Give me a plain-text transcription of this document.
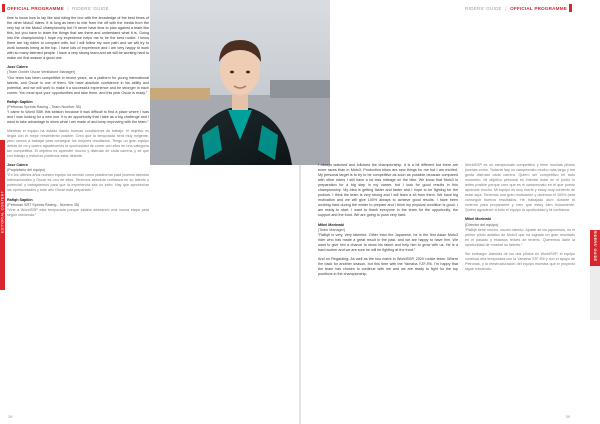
OFFICIAL PROGRAMME | RIDERS' GUIDE
EDITORIAL CONTENT

time to know how to lay like and riding the box with the knowledge of the best times of the other Moto2 riders. It is long as been to ride from the off with the media from the very top of the Moto2 championship but I’ll never have time to plan against a team like this, but you have to learn the things that are there and understand what it is. Going into the championship I hope my experience helps me to be the best rookie. I know there are big riders to compare with, but I will follow my own path and we will try to work towards being at the top. I have lots of experience and I am very happy to work with so many talented people. I have a very strong team and we will be working hard to make our first season a good one.

Jose Calero

(Team Owner Oscar Ventilatore Manager)

“Our team has been competitive in recent years, as a platform for young international talents, and Oscar is one of them. We have absolute confidence in his ability and potential, and we will work to make it a successful experience and be stronger in each corner. You must spot your opportunities and take them, and this year Oscar is ready.”

Rafiqh Sapikin

(Petronas Sprinta Racing - Team Number 35)

“I came to World SBK this season because it was difficult to find a place where I was and I was looking for a new one. It is an opportunity that I take as a big challenge and I want to take advantage to show what I am made of and keep improving with the team.”

Mientras el equipo ha estado dando buenas condiciones de trabajo, el objetivo es llegar con el mejor rendimiento posible. Creo que la temporada será muy exigente, pero vamos a trabajar para conseguir los mejores resultados. Tengo un gran equipo detrás de mí y quiero agradecerles la oportunidad de correr con ellos en una categoría tan competitiva. El objetivo es aprender mucho y disfrutar de cada carrera, y sé que con trabajo y esfuerzo podemos estar delante.

Jose Calero

(Propietario del equipo)

“En los últimos años nuestro equipo ha servido como plataforma para jóvenes talentos internacionales y Oscar es uno de ellos. Tenemos absoluta confianza en su talento y potencial, y trabajaremos para que la experiencia sea un éxito. Hay que aprovechar las oportunidades y este año Oscar está preparado.”

Rafiqh Sapikin

(Petronas SRT Sprinta Racing - Número 35)

“Vine a WorldSSP esta temporada porque estaba deseando una nueva etapa para seguir creciendo.”

38
RIDERS' GUIDE | OFFICIAL PROGRAMME
RIDERS' GUIDE
39

I always watched and followed the championship. It is a bit different but there are more races than in Moto3. Production bikes are new things for me but I am excited. My personal target is to try to be competitive as soon as possible because compared with other riders I still have a lot less mileage on the bike. We know that Moto3 is preparation for a big step in my career, but I look for good results in this championship. My idea is getting faster and faster and I hope to be fighting for the podium. I think the team is very strong and I will learn a lot from them. We have big motivation and we will give 100% always to achieve good results. I have been working hard during the winter to prepare and I think my physical condition is good. I am ready to start. I want to thank everyone in the team for the opportunity, the support and the trust. We are going to push very hard.

Mikel Morlewki

(Team Manager)

“Rafiqh is very, very talented. Other than the Japanese, he is the first Asian Moto3 rider who has made a great result in the past, and we are happy to have him. We want to give him a chance to show his talent and help him to grow with us. He is a hard worker and we are sure he will be fighting at the front.”

And on Regarding: As well as the two riders in WorldSSP, 2020 rookie team. Where the back for another season, but this time with the Yamaha YZF-R6. I’m happy that the team has chosen to continue with me and we are ready to fight for the top positions in the championship.

WorldSSP es un campeonato competitivo y tiene muchas pilotos jóvenes como. Todavía hay un campeonato mucho más largo y me gusta disfrutar cada carrera. Quiero ser competitivo en todo momento. Mi objetivo personal es intentar estar en el podio lo antes posible porque creo que es el campeonato en el que puedo aprender mucho. Mi equipo es muy fuerte y estoy muy contento de estar aquí. Tenemos una gran motivación y daremos el 100% para conseguir buenos resultados. He trabajado duro durante el invierno para prepararme y creo que estoy bien físicamente. Quiero agradecer a todo el equipo la oportunidad y la confianza.

Mikel Morlewki

(Director del equipo)

“Rafiqh tiene mucho, mucho talento. Aparte de los japoneses, es el primer piloto asiático de Moto3 que ha logrado un gran resultado en el pasado y estamos felices de tenerlo. Queremos darle la oportunidad de mostrar su talento.”

Sin embargo: Además de los dos pilotos en WorldSSP, el equipo continúa otra temporada con la Yamaha YZF-R6 y con el apoyo de Petronas, y la reestructuración del equipo muestra que el proyecto sigue creciendo.
